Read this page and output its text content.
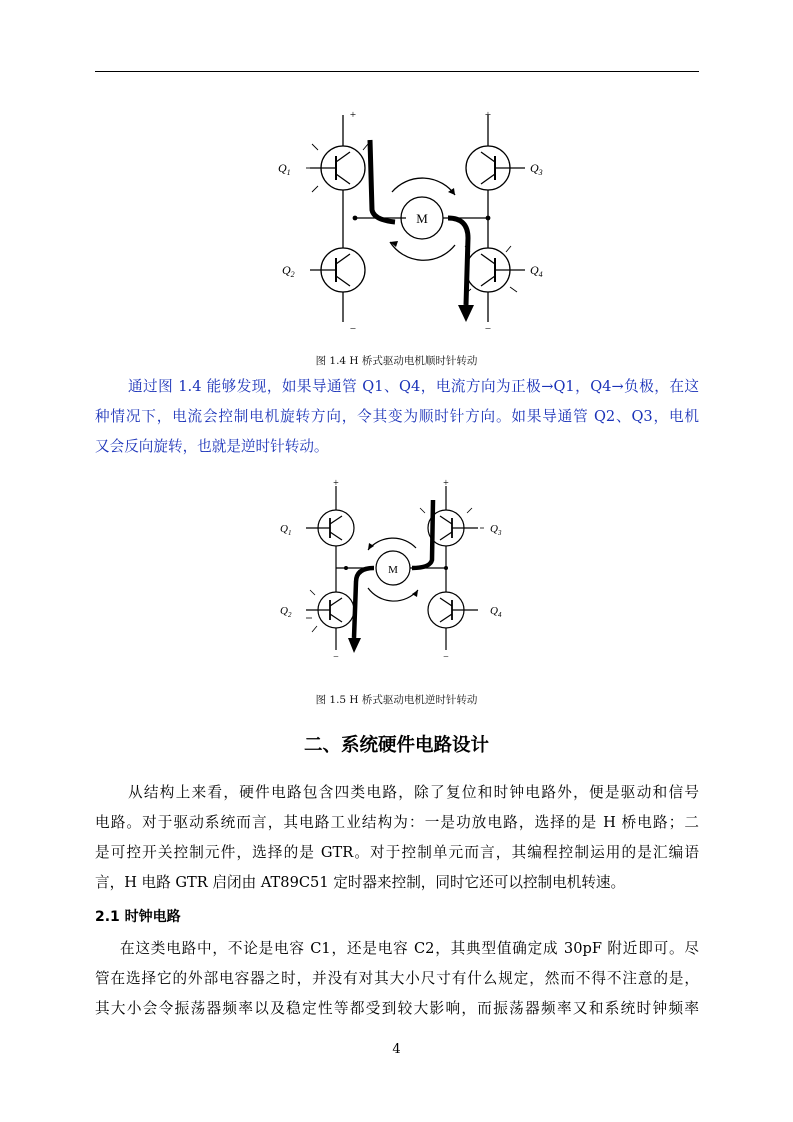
M
$Q_1$
$Q_2$
$Q_3$
$Q_4$
+	+
−	−
图 1.4 H 桥式驱动电机顺时针转动
通过图 1.4 能够发现，如果导通管 Q1、Q4，电流方向为正极→Q1，Q4→负极，在这
种情况下，电流会控制电机旋转方向，令其变为顺时针方向。如果导通管 Q2、Q3，电机
又会反向旋转，也就是逆时针转动。
M
$Q_1$
$Q_2$
$Q_3$
$Q_4$
+	+
−	−
图 1.5 H 桥式驱动电机逆时针转动
二、系统硬件电路设计
从结构上来看，硬件电路包含四类电路，除了复位和时钟电路外，便是驱动和信号
电路。对于驱动系统而言，其电路工业结构为：一是功放电路，选择的是 H 桥电路；二
是可控开关控制元件，选择的是 GTR。对于控制单元而言，其编程控制运用的是汇编语
言，H 电路 GTR 启闭由 AT89C51 定时器来控制，同时它还可以控制电机转速。
2.1 时钟电路
在这类电路中，不论是电容 C1，还是电容 C2，其典型值确定成 30pF 附近即可。尽
管在选择它的外部电容器之时，并没有对其大小尺寸有什么规定，然而不得不注意的是，
其大小会令振荡器频率以及稳定性等都受到较大影响，而振荡器频率又和系统时钟频率
4
